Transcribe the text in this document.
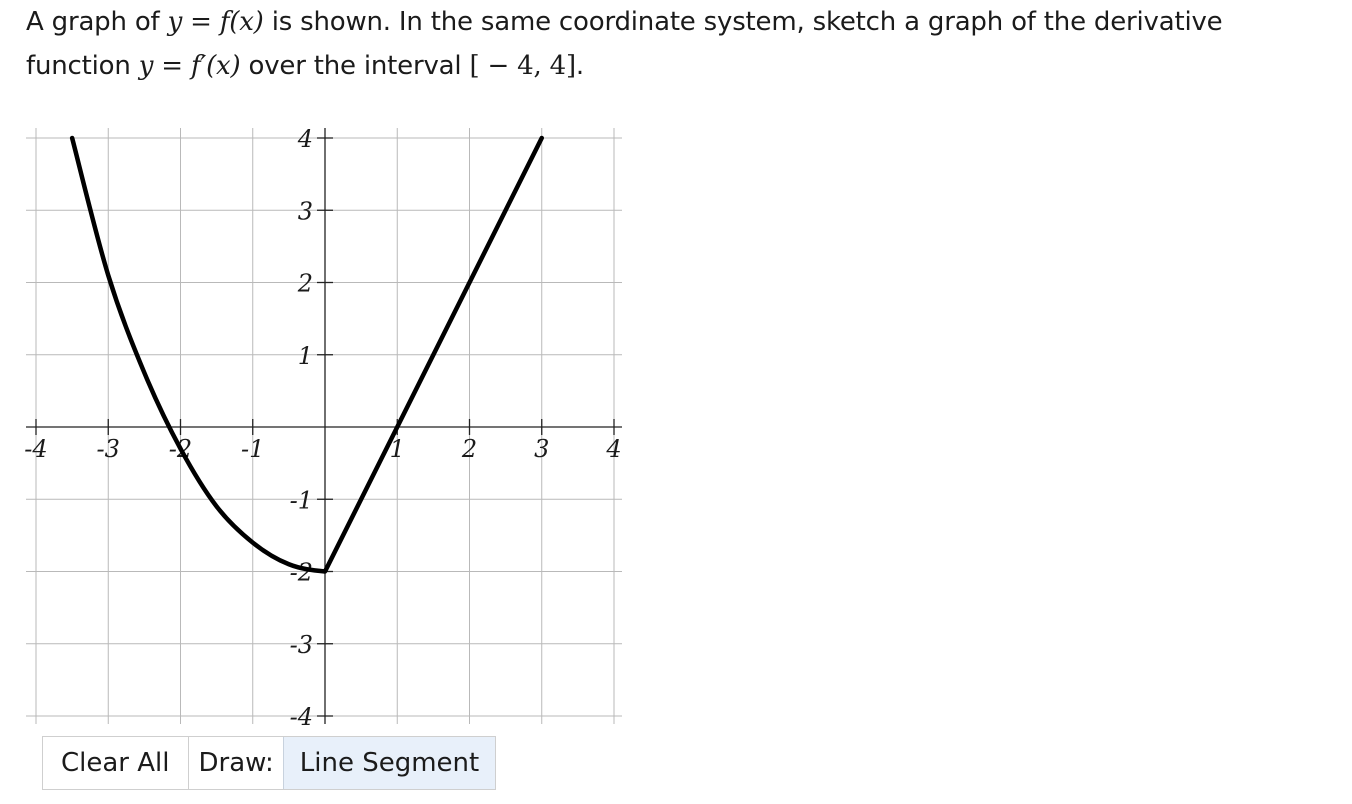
A graph of y = f(x) is shown. In the same coordinate system, sketch a graph of the derivative
function y = f′(x) over the interval [ − 4, 4].
-4 -3 -2 -1	1 2 3 4
4
3
2
1
-1
-2
-3
-4
Clear All	Draw:	Line Segment
